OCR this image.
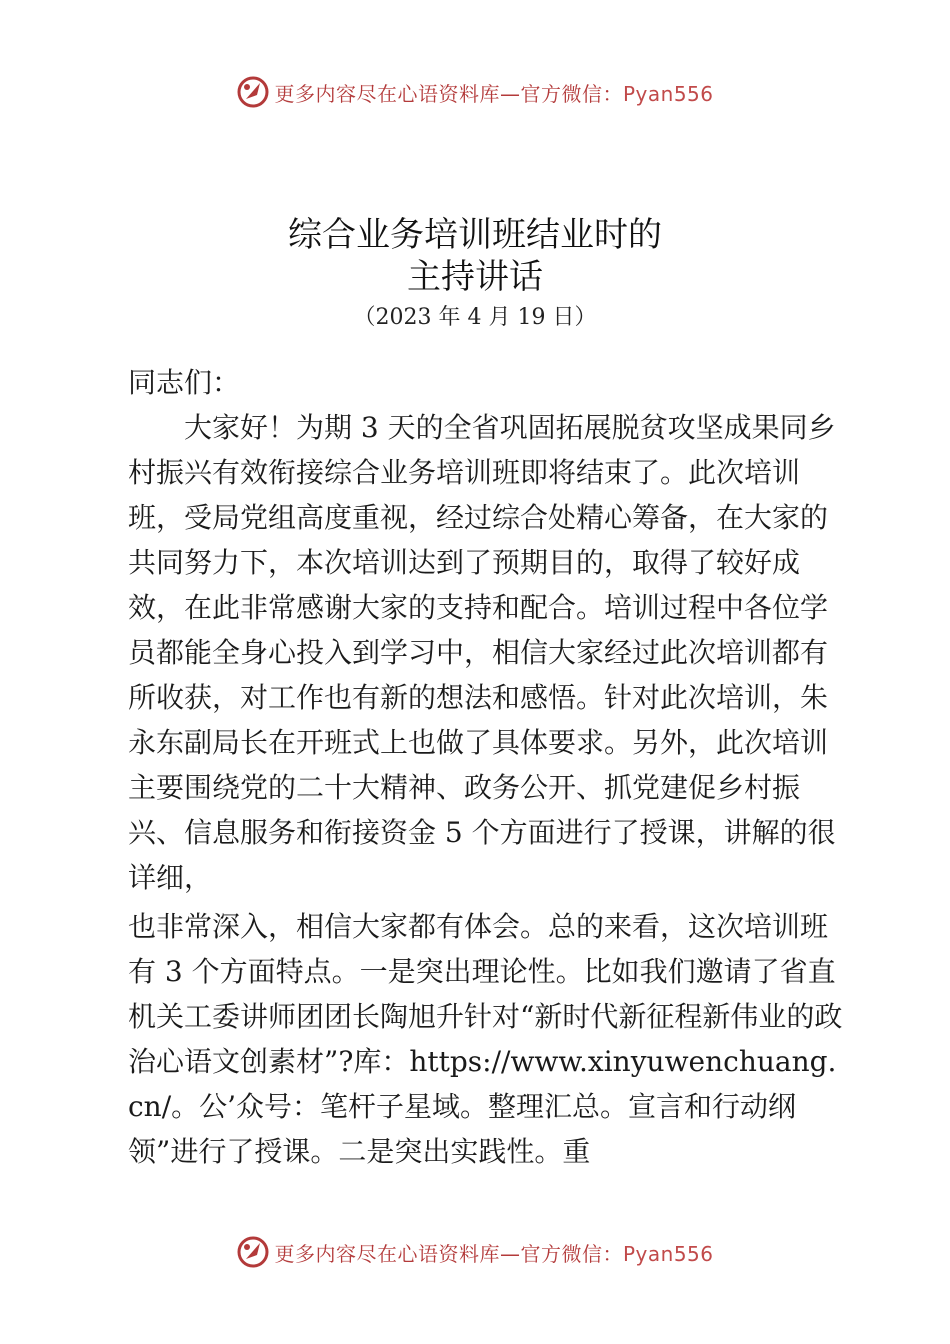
更多内容尽在心语资料库—官方微信：Pyan556
综合业务培训班结业时的
主持讲话
（2023 年 4 月 19 日）

同志们：

大家好！为期 3 天的全省巩固拓展脱贫攻坚成果同乡村振兴有效衔接综合业务培训班即将结束了。此次培训班，受局党组高度重视，经过综合处精心筹备，在大家的共同努力下，本次培训达到了预期目的，取得了较好成效，在此非常感谢大家的支持和配合。培训过程中各位学员都能全身心投入到学习中，相信大家经过此次培训都有所收获，对工作也有新的想法和感悟。针对此次培训，朱永东副局长在开班式上也做了具体要求。另外，此次培训主要围绕党的二十大精神、政务公开、抓党建促乡村振兴、信息服务和衔接资金 5 个方面进行了授课，讲解的很详细，

也非常深入，相信大家都有体会。总的来看，这次培训班有 3 个方面特点。一是突出理论性。比如我们邀请了省直机关工委讲师团团长陶旭升针对“新时代新征程新伟业的政治心语文创素材”?库：https://www.xinyuwenchuang.cn/。公’众号：笔杆子星域。整理汇总。宣言和行动纲领”进行了授课。二是突出实践性。重

更多内容尽在心语资料库—官方微信：Pyan556
